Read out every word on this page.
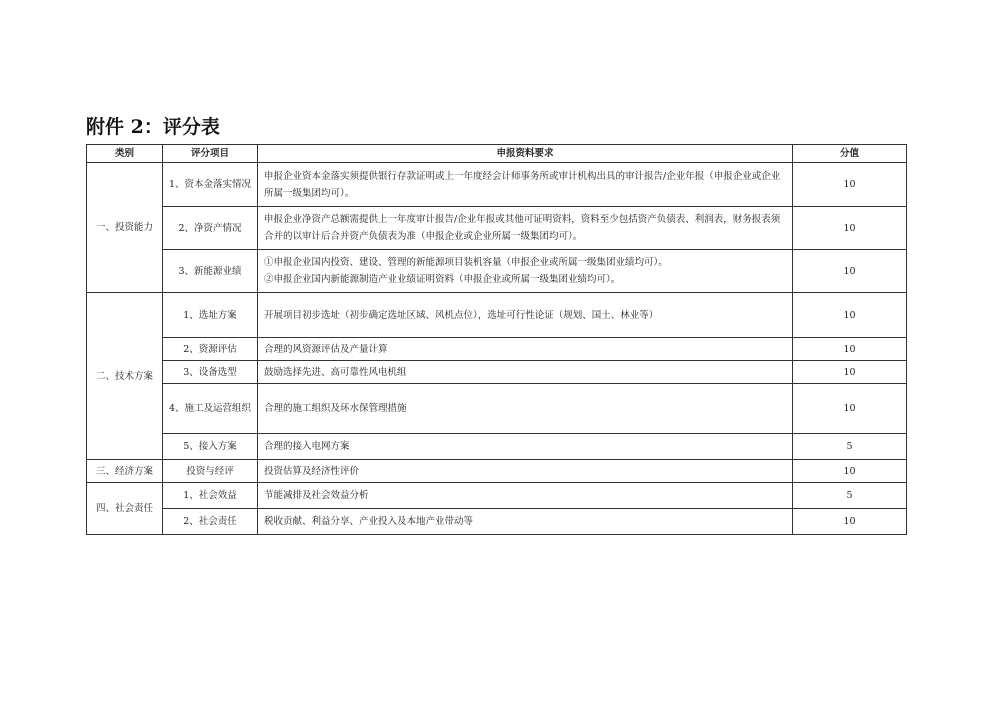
附件 2：评分表
类别	评分项目	申报资料要求	分值
一、投资能力	1、资本金落实情况	申报企业资本金落实须提供银行存款证明或上一年度经会计师事务所或审计机构出具的审计报告/企业年报（申报企业或企业
所属一级集团均可）。	10
	2、净资产情况	申报企业净资产总额需提供上一年度审计报告/企业年报或其他可证明资料，资料至少包括资产负债表、利润表，财务报表须
合并的以审计后合并资产负债表为准（申报企业或企业所属一级集团均可）。	10
	3、新能源业绩	①申报企业国内投资、建设、管理的新能源项目装机容量（申报企业或所属一级集团业绩均可）。
②申报企业国内新能源制造产业业绩证明资料（申报企业或所属一级集团业绩均可）。	10
二、技术方案	1、选址方案	开展项目初步选址（初步确定选址区域、风机点位），选址可行性论证（规划、国土、林业等）	10
	2、资源评估	合理的风资源评估及产量计算	10
	3、设备选型	鼓励选择先进、高可靠性风电机组	10
	4、施工及运营组织	合理的施工组织及环水保管理措施	10
	5、接入方案	合理的接入电网方案	5
三、经济方案	投资与经评	投资估算及经济性评价	10
四、社会责任	1、社会效益	节能减排及社会效益分析	5
	2、社会责任	税收贡献、利益分享、产业投入及本地产业带动等	10
